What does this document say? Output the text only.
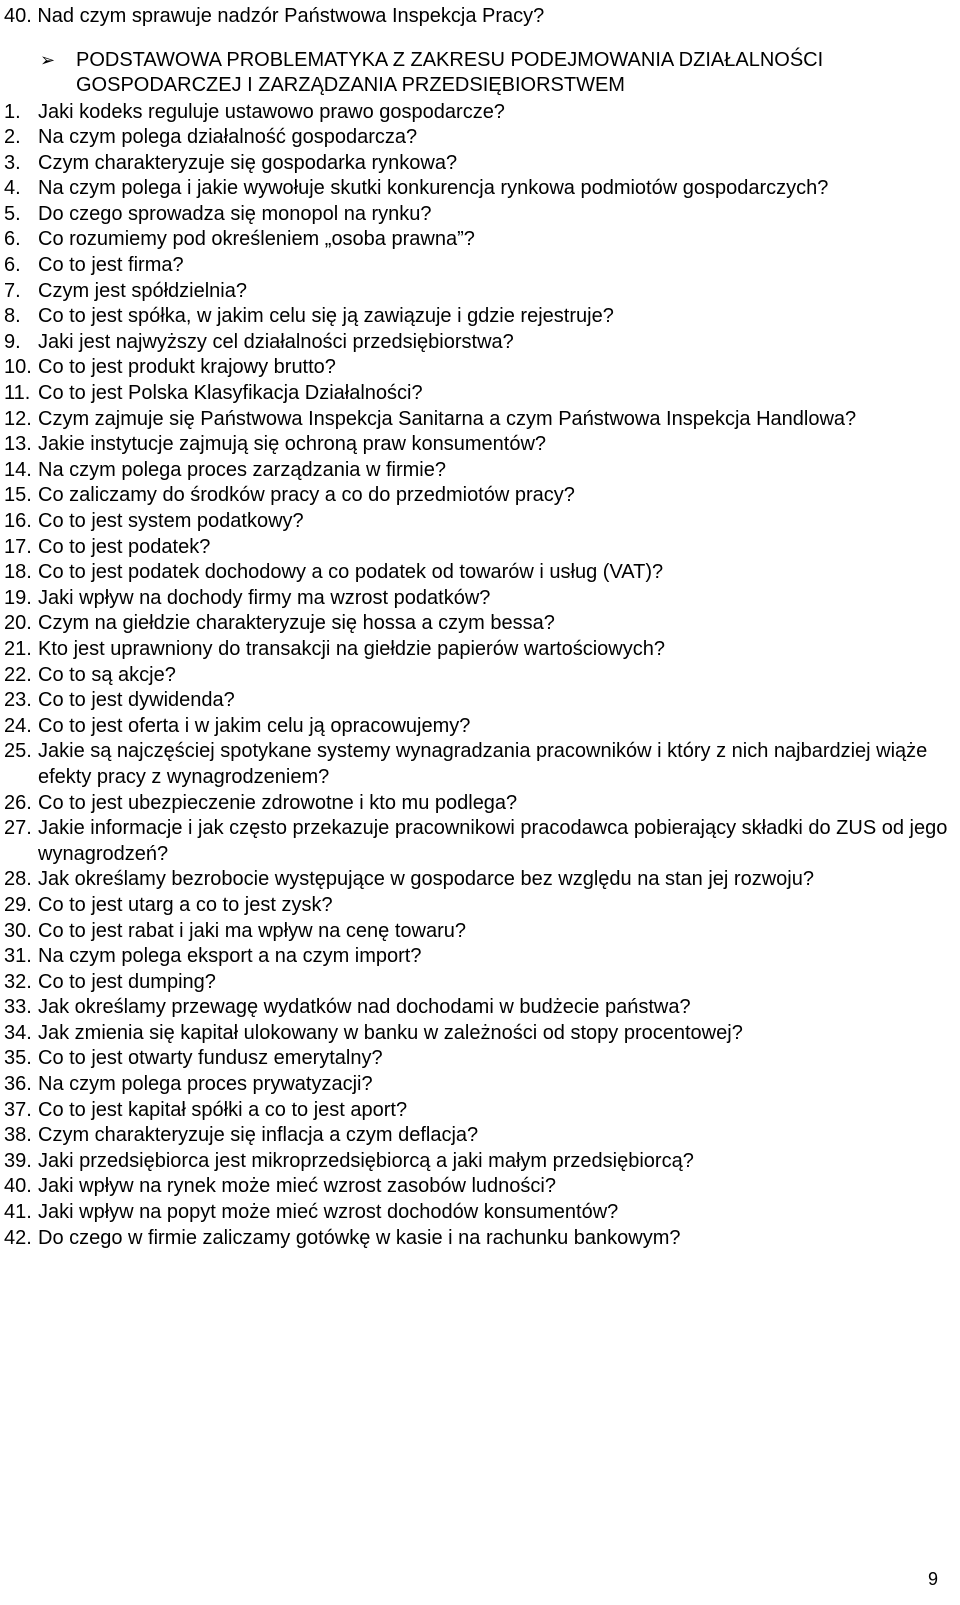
40. Nad czym sprawuje nadzór Państwowa Inspekcja Pracy?
➢	PODSTAWOWA PROBLEMATYKA Z ZAKRESU PODEJMOWANIA DZIAŁALNOŚCI GOSPODARCZEJ I ZARZĄDZANIA PRZEDSIĘBIORSTWEM
1. Jaki kodeks reguluje ustawowo prawo gospodarcze?
2. Na czym polega działalność gospodarcza?
3. Czym charakteryzuje się gospodarka rynkowa?
4. Na czym polega i jakie wywołuje skutki konkurencja rynkowa podmiotów gospodarczych?
5. Do czego sprowadza się monopol na rynku?
6. Co rozumiemy pod określeniem „osoba prawna”?
6. Co to jest firma?
7. Czym jest spółdzielnia?
8. Co to jest spółka, w jakim celu się ją zawiązuje i gdzie rejestruje?
9. Jaki jest najwyższy cel działalności przedsiębiorstwa?
10. Co to jest produkt krajowy brutto?
11. Co to jest Polska Klasyfikacja Działalności?
12. Czym zajmuje się Państwowa Inspekcja Sanitarna a czym Państwowa Inspekcja Handlowa?
13. Jakie instytucje zajmują się ochroną praw konsumentów?
14. Na czym polega proces zarządzania w firmie?
15. Co zaliczamy do środków pracy a co do przedmiotów pracy?
16. Co to jest system podatkowy?
17. Co to jest podatek?
18. Co to jest podatek dochodowy a co podatek od towarów i usług (VAT)?
19. Jaki wpływ na dochody firmy ma wzrost podatków?
20. Czym na giełdzie charakteryzuje się hossa a czym bessa?
21. Kto jest uprawniony do transakcji na giełdzie papierów wartościowych?
22. Co to są akcje?
23. Co to jest dywidenda?
24. Co to jest oferta i w jakim celu ją opracowujemy?
25. Jakie są najczęściej spotykane systemy wynagradzania pracowników i który z nich najbardziej wiąże efekty pracy z wynagrodzeniem?
26. Co to jest ubezpieczenie zdrowotne i kto mu podlega?
27. Jakie informacje i jak często przekazuje pracownikowi pracodawca pobierający składki do ZUS od jego wynagrodzeń?
28. Jak określamy bezrobocie występujące w gospodarce bez względu na stan jej rozwoju?
29. Co to jest utarg a co to jest zysk?
30. Co to jest rabat i jaki ma wpływ na cenę towaru?
31. Na czym polega eksport a na czym import?
32. Co to jest dumping?
33. Jak określamy przewagę wydatków nad dochodami w budżecie państwa?
34. Jak zmienia się kapitał ulokowany w banku w zależności od stopy procentowej?
35. Co to jest otwarty fundusz emerytalny?
36. Na czym polega proces prywatyzacji?
37. Co to jest kapitał spółki a co to jest aport?
38. Czym charakteryzuje się inflacja a czym deflacja?
39. Jaki przedsiębiorca jest mikroprzedsiębiorcą a jaki małym przedsiębiorcą?
40. Jaki wpływ na rynek może mieć wzrost zasobów ludności?
41. Jaki wpływ na popyt może mieć wzrost dochodów konsumentów?
42. Do czego w firmie zaliczamy gotówkę w kasie i na rachunku bankowym?
9
